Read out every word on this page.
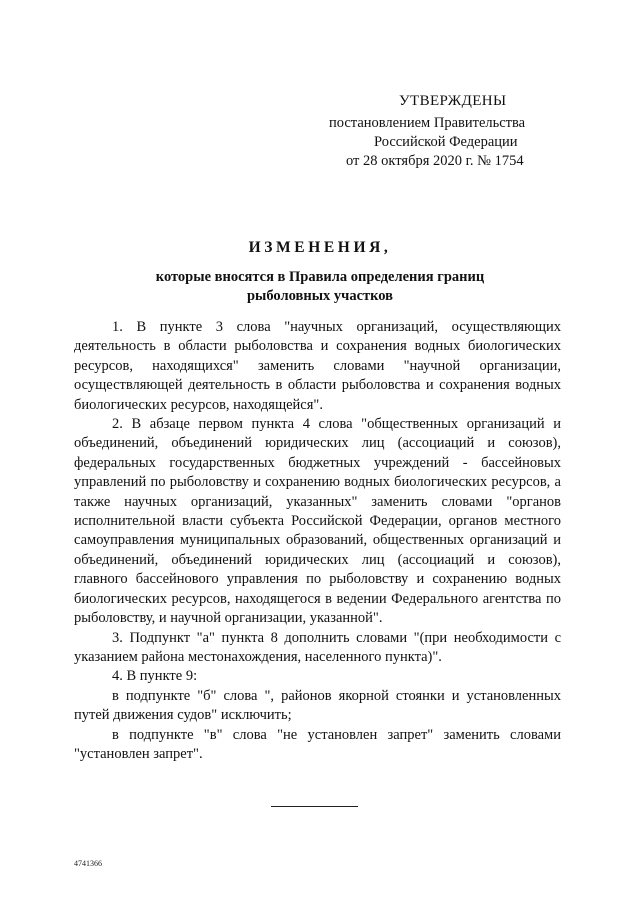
УТВЕРЖДЕНЫ
постановлением Правительства
Российской Федерации
от 28 октября 2020 г. № 1754
ИЗМЕНЕНИЯ,
которые вносятся в Правила определения границ
рыболовных участков

1. В пункте 3 слова "научных организаций, осуществляющих деятельность в области рыболовства и сохранения водных биологических ресурсов, находящихся" заменить словами "научной организации, осуществляющей деятельность в области рыболовства и сохранения водных биологических ресурсов, находящейся".

2. В абзаце первом пункта 4 слова "общественных организаций и объединений, объединений юридических лиц (ассоциаций и союзов), федеральных государственных бюджетных учреждений - бассейновых управлений по рыболовству и сохранению водных биологических ресурсов, а также научных организаций, указанных" заменить словами "органов исполнительной власти субъекта Российской Федерации, органов местного самоуправления муниципальных образований, общественных организаций и объединений, объединений юридических лиц (ассоциаций и союзов), главного бассейнового управления по рыболовству и сохранению водных биологических ресурсов, находящегося в ведении Федерального агентства по рыболовству, и научной организации, указанной".

3. Подпункт "а" пункта 8 дополнить словами "(при необходимости с указанием района местонахождения, населенного пункта)".

4. В пункте 9:

в подпункте "б" слова ", районов якорной стоянки и установленных путей движения судов" исключить;

в подпункте "в" слова "не установлен запрет" заменить словами "установлен запрет".

4741366
